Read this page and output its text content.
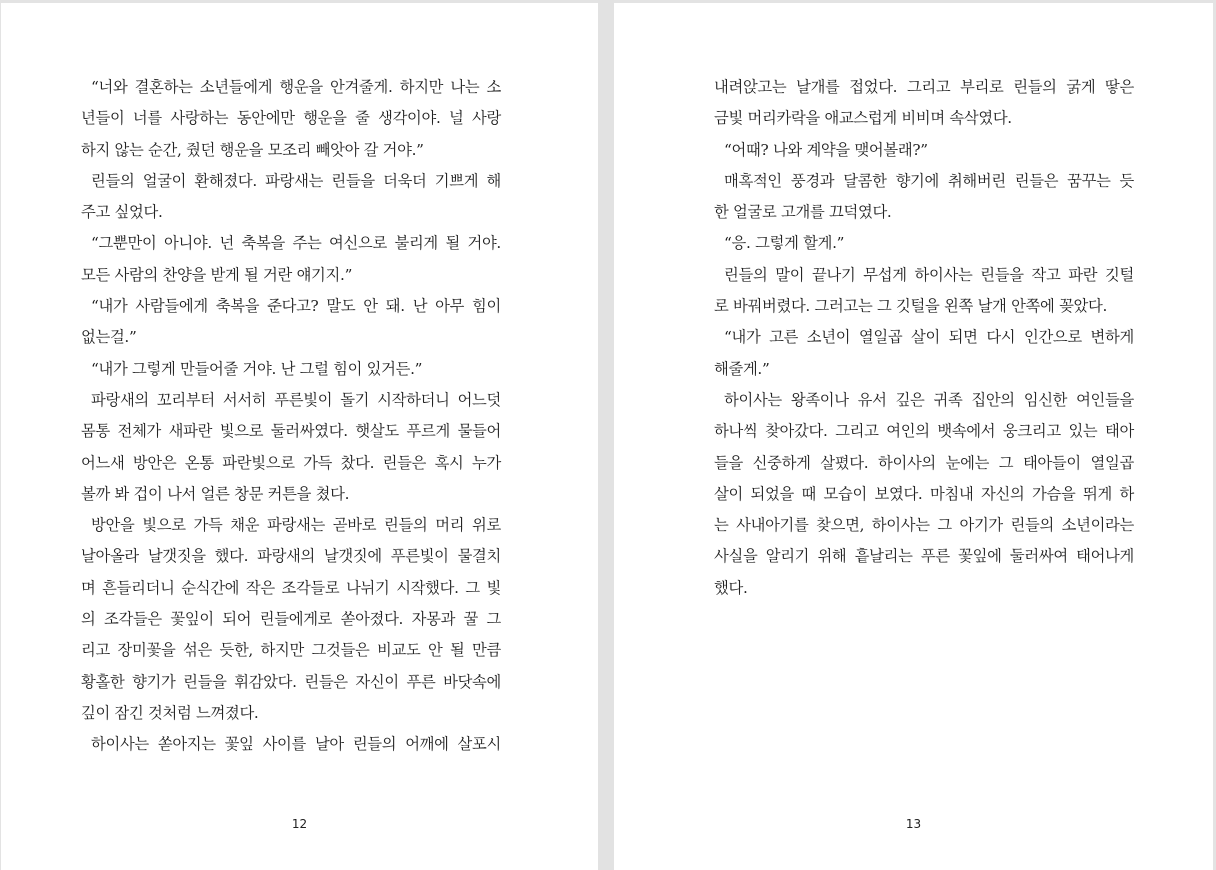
“너와 결혼하는 소년들에게 행운을 안겨줄게. 하지만 나는 소
년들이 너를 사랑하는 동안에만 행운을 줄 생각이야. 널 사랑
하지 않는 순간, 줬던 행운을 모조리 빼앗아 갈 거야.”
린들의 얼굴이 환해졌다. 파랑새는 린들을 더욱더 기쁘게 해
주고 싶었다.
“그뿐만이 아니야. 넌 축복을 주는 여신으로 불리게 될 거야.
모든 사람의 찬양을 받게 될 거란 얘기지.”
“내가 사람들에게 축복을 준다고? 말도 안 돼. 난 아무 힘이
없는걸.”
“내가 그렇게 만들어줄 거야. 난 그럴 힘이 있거든.”
파랑새의 꼬리부터 서서히 푸른빛이 돌기 시작하더니 어느덧
몸통 전체가 새파란 빛으로 둘러싸였다. 햇살도 푸르게 물들어
어느새 방안은 온통 파란빛으로 가득 찼다. 린들은 혹시 누가
볼까 봐 겁이 나서 얼른 창문 커튼을 쳤다.
방안을 빛으로 가득 채운 파랑새는 곧바로 린들의 머리 위로
날아올라 날갯짓을 했다. 파랑새의 날갯짓에 푸른빛이 물결치
며 흔들리더니 순식간에 작은 조각들로 나뉘기 시작했다. 그 빛
의 조각들은 꽃잎이 되어 린들에게로 쏟아졌다. 자몽과 꿀 그
리고 장미꽃을 섞은 듯한, 하지만 그것들은 비교도 안 될 만큼
황홀한 향기가 린들을 휘감았다. 린들은 자신이 푸른 바닷속에
깊이 잠긴 것처럼 느껴졌다.
하이사는 쏟아지는 꽃잎 사이를 날아 린들의 어깨에 살포시
12
내려앉고는 날개를 접었다. 그리고 부리로 린들의 굵게 땋은
금빛 머리카락을 애교스럽게 비비며 속삭였다.
“어때? 나와 계약을 맺어볼래?”
매혹적인 풍경과 달콤한 향기에 취해버린 린들은 꿈꾸는 듯
한 얼굴로 고개를 끄덕였다.
“응. 그렇게 할게.”
린들의 말이 끝나기 무섭게 하이사는 린들을 작고 파란 깃털
로 바꿔버렸다. 그러고는 그 깃털을 왼쪽 날개 안쪽에 꽂았다.
“내가 고른 소년이 열일곱 살이 되면 다시 인간으로 변하게
해줄게.”
하이사는 왕족이나 유서 깊은 귀족 집안의 임신한 여인들을
하나씩 찾아갔다. 그리고 여인의 뱃속에서 웅크리고 있는 태아
들을 신중하게 살폈다. 하이사의 눈에는 그 태아들이 열일곱
살이 되었을 때 모습이 보였다. 마침내 자신의 가슴을 뛰게 하
는 사내아기를 찾으면, 하이사는 그 아기가 린들의 소년이라는
사실을 알리기 위해 흩날리는 푸른 꽃잎에 둘러싸여 태어나게
했다.
13
